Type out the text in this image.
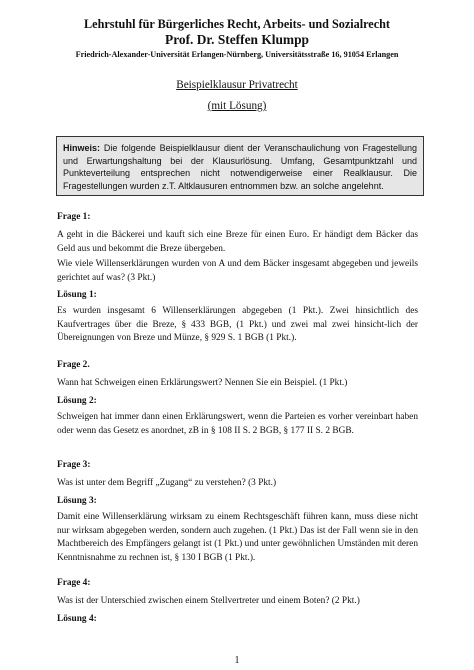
Lehrstuhl für Bürgerliches Recht, Arbeits- und Sozialrecht
Prof. Dr. Steffen Klumpp
Friedrich-Alexander-Universität Erlangen-Nürnberg, Universitätsstraße 16, 91054 Erlangen
Beispielklausur Privatrecht
(mit Lösung)
Hinweis: Die folgende Beispielklausur dient der Veranschaulichung von Fragestellung und Erwartungshaltung bei der Klausurlösung. Umfang, Gesamtpunktzahl und Punkteverteilung entsprechen nicht notwendigerweise einer Realklausur. Die Fragestellungen wurden z.T. Altklausuren entnommen bzw. an solche angelehnt.
Frage 1:
A geht in die Bäckerei und kauft sich eine Breze für einen Euro. Er händigt dem Bäcker das Geld aus und bekommt die Breze übergeben.
Wie viele Willenserklärungen wurden von A und dem Bäcker insgesamt abgegeben und jeweils gerichtet auf was? (3 Pkt.)
Lösung 1:
Es wurden insgesamt 6 Willenserklärungen abgegeben (1 Pkt.). Zwei hinsichtlich des Kaufvertrages über die Breze, § 433 BGB, (1 Pkt.) und zwei mal zwei hinsicht-lich der Übereignungen von Breze und Münze, § 929 S. 1 BGB (1 Pkt.).
Frage 2.
Wann hat Schweigen einen Erklärungswert? Nennen Sie ein Beispiel. (1 Pkt.)
Lösung 2:
Schweigen hat immer dann einen Erklärungswert, wenn die Parteien es vorher vereinbart haben oder wenn das Gesetz es anordnet, zB in § 108 II S. 2 BGB, § 177 II S. 2 BGB.
Frage 3:
Was ist unter dem Begriff „Zugang“ zu verstehen? (3 Pkt.)
Lösung 3:
Damit eine Willenserklärung wirksam zu einem Rechtsgeschäft führen kann, muss diese nicht nur wirksam abgegeben werden, sondern auch zugehen. (1 Pkt.) Das ist der Fall wenn sie in den Machtbereich des Empfängers gelangt ist (1 Pkt.) und unter gewöhnlichen Umständen mit deren Kenntnisnahme zu rechnen ist, § 130 I BGB (1 Pkt.).
Frage 4:
Was ist der Unterschied zwischen einem Stellvertreter und einem Boten? (2 Pkt.)
Lösung 4:
1
